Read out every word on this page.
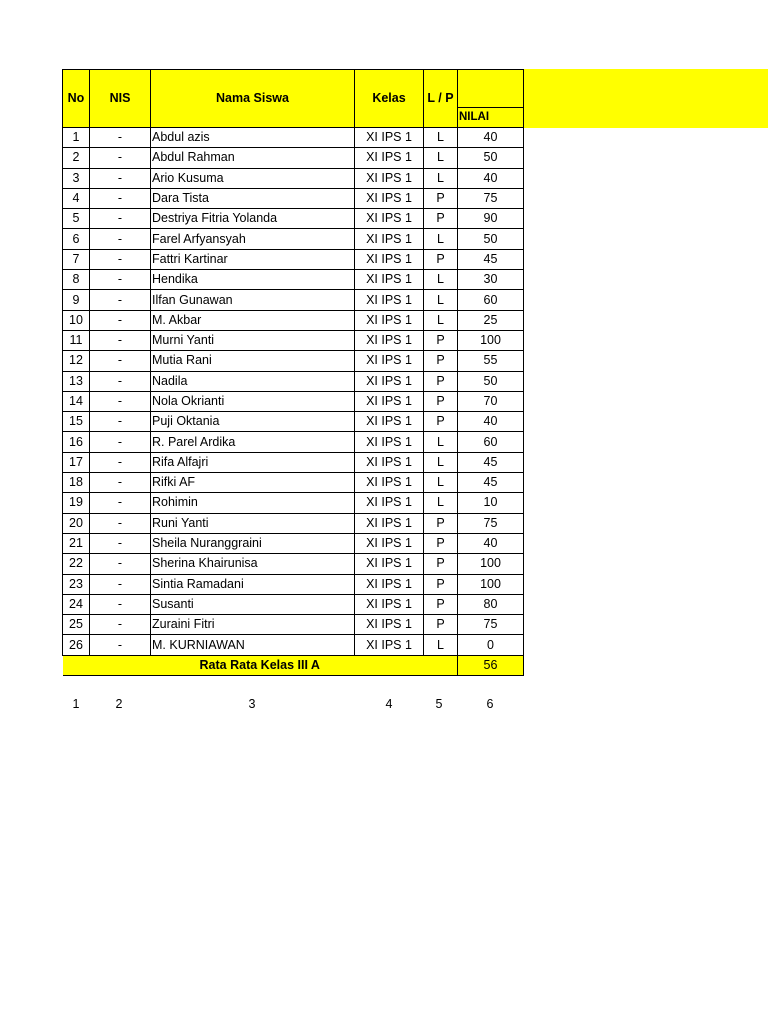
No	NIS	Nama Siswa	Kelas	L / P	NILAI

1	-	Abdul azis	XI IPS 1	L	40
2	-	Abdul Rahman	XI IPS 1	L	50
3	-	Ario Kusuma	XI IPS 1	L	40
4	-	Dara Tista	XI IPS 1	P	75
5	-	Destriya Fitria Yolanda	XI IPS 1	P	90
6	-	Farel Arfyansyah	XI IPS 1	L	50
7	-	Fattri Kartinar	XI IPS 1	P	45
8	-	Hendika	XI IPS 1	L	30
9	-	Ilfan Gunawan	XI IPS 1	L	60
10	-	M. Akbar	XI IPS 1	L	25
11	-	Murni Yanti	XI IPS 1	P	100
12	-	Mutia Rani	XI IPS 1	P	55
13	-	Nadila	XI IPS 1	P	50
14	-	Nola Okrianti	XI IPS 1	P	70
15	-	Puji Oktania	XI IPS 1	P	40
16	-	R. Parel Ardika	XI IPS 1	L	60
17	-	Rifa Alfajri	XI IPS 1	L	45
18	-	Rifki AF	XI IPS 1	L	45
19	-	Rohimin	XI IPS 1	L	10
20	-	Runi Yanti	XI IPS 1	P	75
21	-	Sheila Nuranggraini	XI IPS 1	P	40
22	-	Sherina Khairunisa	XI IPS 1	P	100
23	-	Sintia Ramadani	XI IPS 1	P	100
24	-	Susanti	XI IPS 1	P	80
25	-	Zuraini Fitri	XI IPS 1	P	75
26	-	M. KURNIAWAN	XI IPS 1	L	0
Rata Rata Kelas III A					56
1	2	3	4	5	6
